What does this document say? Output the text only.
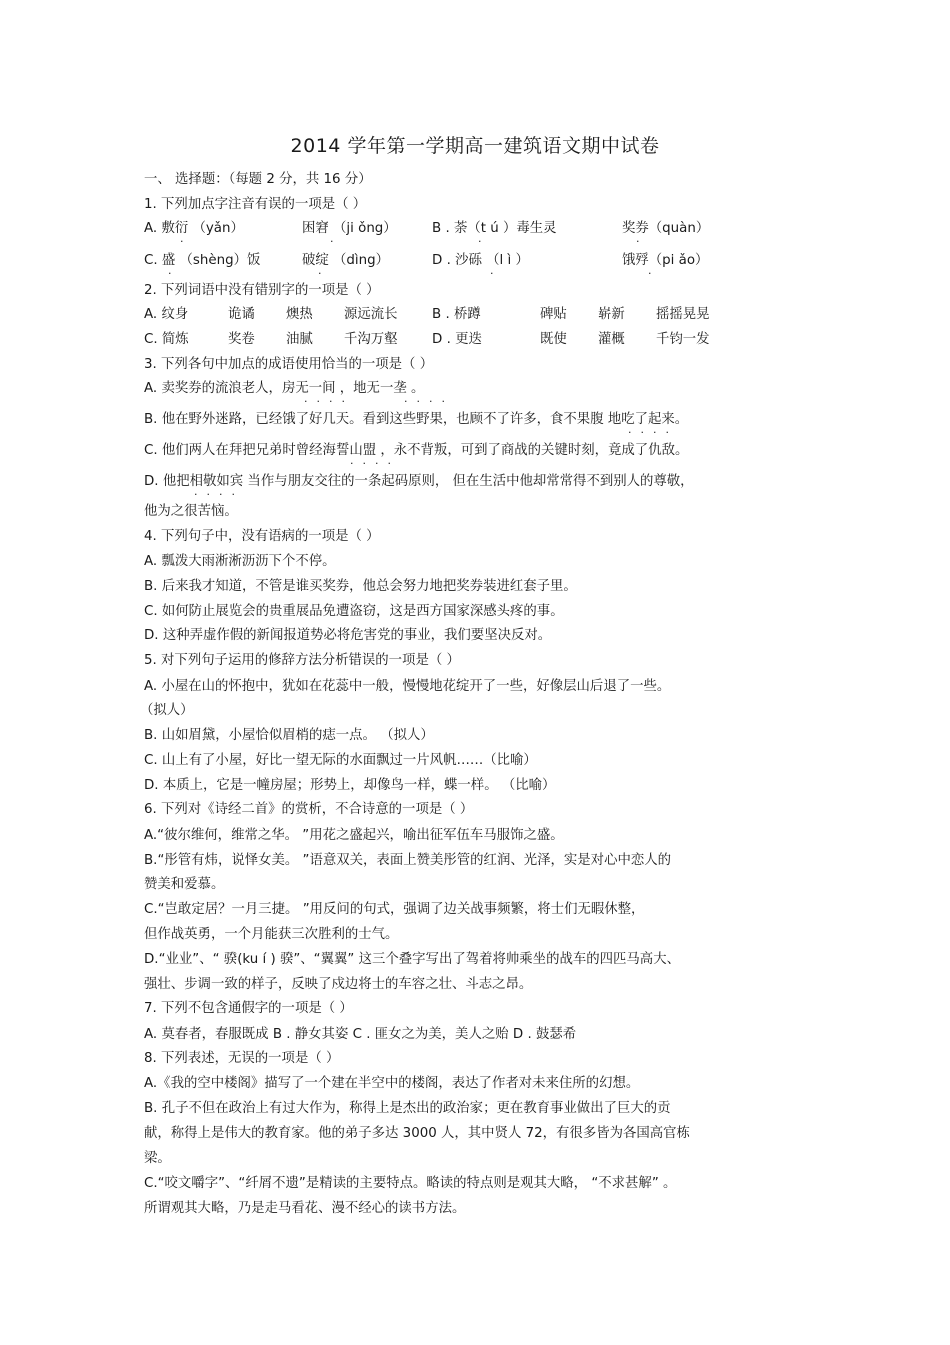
2014 学年第一学期高一建筑语文期中试卷
一、 选择题：（每题 2 分，共 16 分）
1. 下列加点字注音有误的一项是（ ）
A. 敷衍 （yǎn）	困窘 （ji ǒng）	B . 荼（t ú ）毒生灵	奖券（quàn）
·	·	·	·
C. 盛 （shèng）饭	破绽 （dìng）	D . 沙砾 （l ì ）	饿殍（pi ǎo）
·	·	·	·
2. 下列词语中没有错别字的一项是（ ）
A. 纹身	诡谲 燠热 源远流长	B . 桥蹲	碑贴 崭新 摇摇晃晃
C. 简炼	奖卷 油腻 千沟万壑	D . 更迭	既使 灌概 千钧一发
3. 下列各句中加点的成语使用恰当的一项是（ ）
A. 卖奖券的流浪老人，房无一间 ，地无一垄 。
····	····
B. 他在野外迷路，已经饿了好几天。看到这些野果，也顾不了许多，食不果腹 地吃了起来。
····
C. 他们两人在拜把兄弟时曾经海誓山盟 ，永不背叛，可到了商战的关键时刻，竟成了仇敌。
····
D. 他把相敬如宾 当作与朋友交往的一条起码原则， 但在生活中他却常常得不到别人的尊敬，
····
他为之很苦恼。
4. 下列句子中，没有语病的一项是（ ）
A. 瓢泼大雨淅淅沥沥下个不停。
B. 后来我才知道，不管是谁买奖券，他总会努力地把奖券装进红套子里。
C. 如何防止展览会的贵重展品免遭盗窃，这是西方国家深感头疼的事。
D. 这种弄虚作假的新闻报道势必将危害党的事业，我们要坚决反对。
5. 对下列句子运用的修辞方法分析错误的一项是（ ）
A. 小屋在山的怀抱中，犹如在花蕊中一般，慢慢地花绽开了一些，好像层山后退了一些。
（拟人）
B. 山如眉黛，小屋恰似眉梢的痣一点。 （拟人）
C. 山上有了小屋，好比一望无际的水面飘过一片风帆……（比喻）
D. 本质上，它是一幢房屋；形势上，却像鸟一样，蝶一样。 （比喻）
6. 下列对《诗经二首》的赏析，不合诗意的一项是（ ）
A.“彼尔维何，维常之华。 ”用花之盛起兴，喻出征军伍车马服饰之盛。
B.“彤管有炜，说怿女美。 ”语意双关，表面上赞美彤管的红润、光泽，实是对心中恋人的
赞美和爱慕。
C.“岂敢定居？一月三捷。 ”用反问的句式，强调了边关战事频繁，将士们无暇休整，
但作战英勇，一个月能获三次胜利的士气。
D.“业业”、“ 骙(ku í ) 骙”、“翼翼” 这三个叠字写出了驾着将帅乘坐的战车的四匹马高大、
强壮、步调一致的样子，反映了戍边将士的车容之壮、斗志之昂。
7. 下列不包含通假字的一项是（ ）
A. 莫春者，春服既成 B . 静女其姿 C . 匪女之为美，美人之贻 D . 鼓瑟希
8. 下列表述，无误的一项是（ ）
A.《我的空中楼阁》描写了一个建在半空中的楼阁，表达了作者对未来住所的幻想。
B. 孔子不但在政治上有过大作为，称得上是杰出的政治家；更在教育事业做出了巨大的贡
献，称得上是伟大的教育家。他的弟子多达 3000 人，其中贤人 72，有很多皆为各国高官栋
梁。
C.“咬文嚼字”、“纤屑不遗”是精读的主要特点。略读的特点则是观其大略， “不求甚解” 。
所谓观其大略，乃是走马看花、漫不经心的读书方法。
